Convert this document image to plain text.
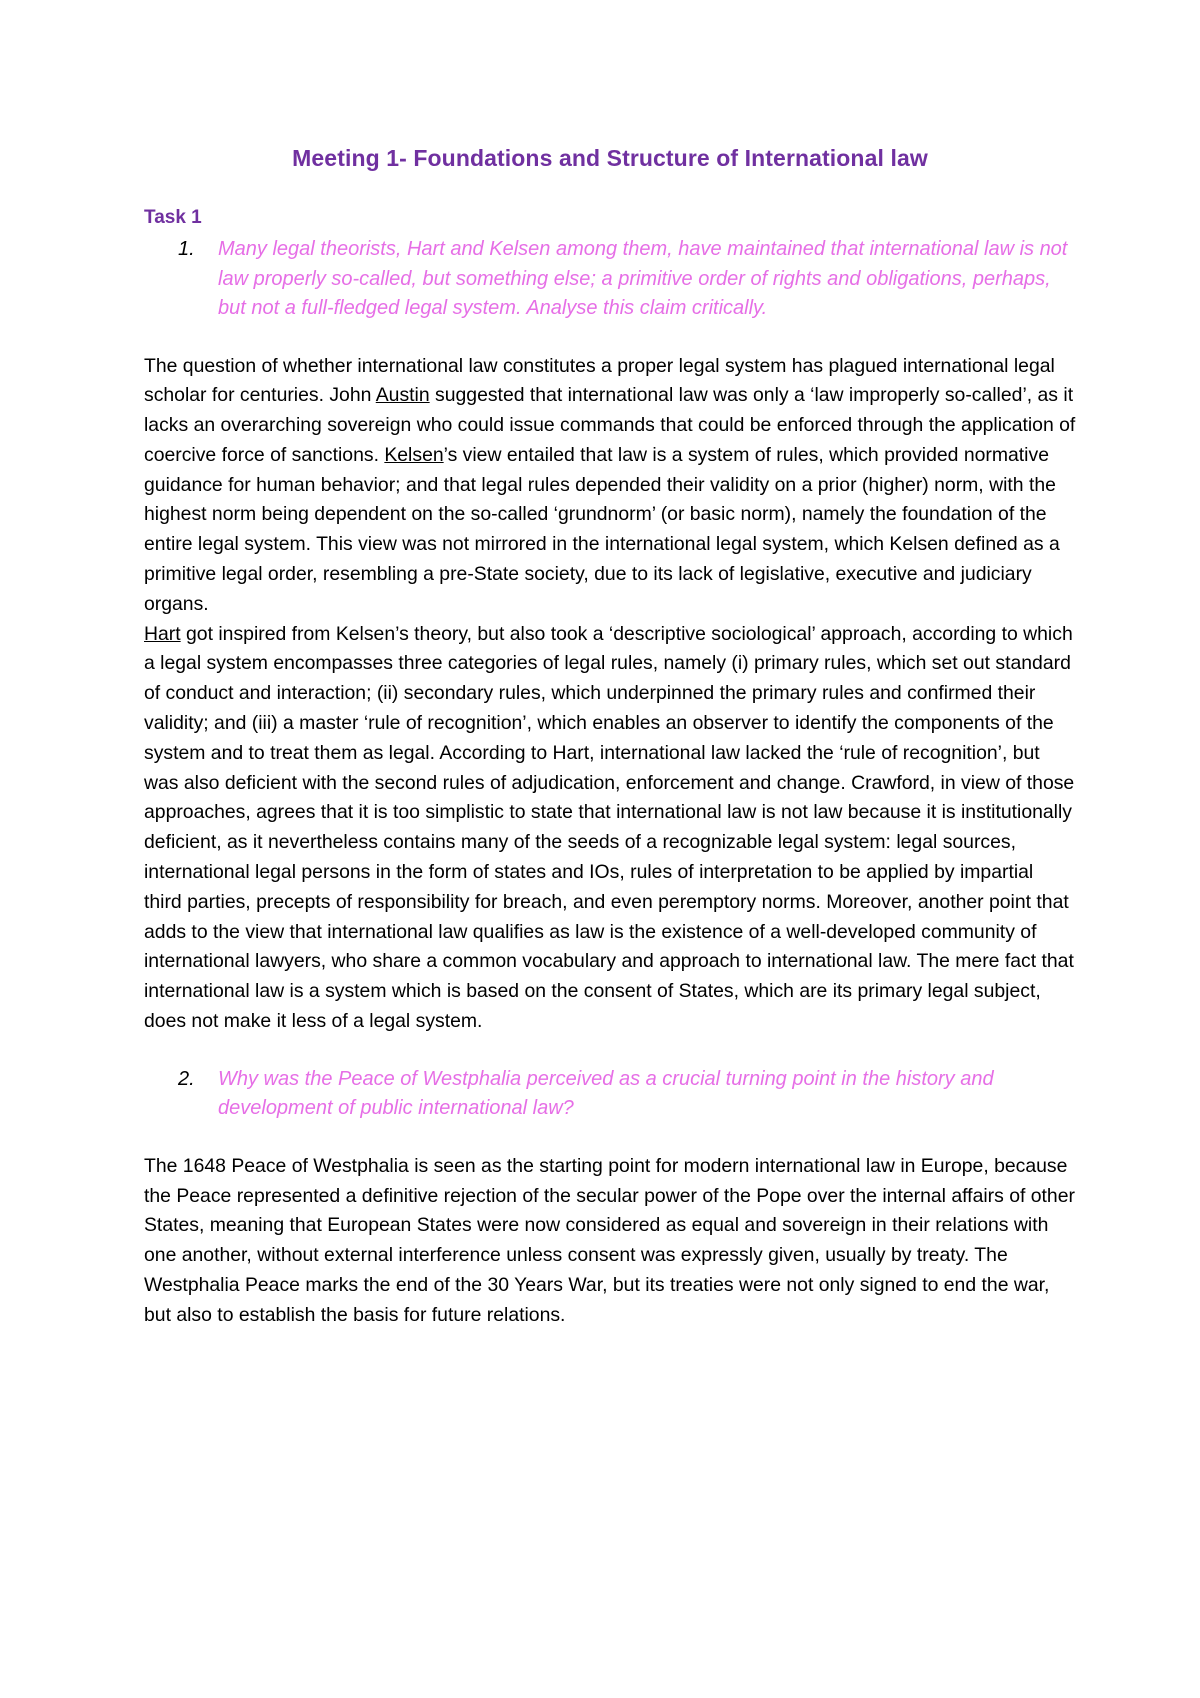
Meeting 1- Foundations and Structure of International law
Task 1
1.	Many legal theorists, Hart and Kelsen among them, have maintained that international law is not law properly so-called, but something else; a primitive order of rights and obligations, perhaps, but not a full-fledged legal system. Analyse this claim critically.

The question of whether international law constitutes a proper legal system has plagued international legal scholar for centuries. John Austin suggested that international law was only a ‘law improperly so-called’, as it lacks an overarching sovereign who could issue commands that could be enforced through the application of coercive force of sanctions. Kelsen’s view entailed that law is a system of rules, which provided normative guidance for human behavior; and that legal rules depended their validity on a prior (higher) norm, with the highest norm being dependent on the so-called ‘grundnorm’ (or basic norm), namely the foundation of the entire legal system. This view was not mirrored in the international legal system, which Kelsen defined as a primitive legal order, resembling a pre-State society, due to its lack of legislative, executive and judiciary organs.

Hart got inspired from Kelsen’s theory, but also took a ‘descriptive sociological’ approach, according to which a legal system encompasses three categories of legal rules, namely (i) primary rules, which set out standard of conduct and interaction; (ii) secondary rules, which underpinned the primary rules and confirmed their validity; and (iii) a master ‘rule of recognition’, which enables an observer to identify the components of the system and to treat them as legal. According to Hart, international law lacked the ‘rule of recognition’, but was also deficient with the second rules of adjudication, enforcement and change. Crawford, in view of those approaches, agrees that it is too simplistic to state that international law is not law because it is institutionally deficient, as it nevertheless contains many of the seeds of a recognizable legal system: legal sources, international legal persons in the form of states and IOs, rules of interpretation to be applied by impartial third parties, precepts of responsibility for breach, and even peremptory norms. Moreover, another point that adds to the view that international law qualifies as law is the existence of a well-developed community of international lawyers, who share a common vocabulary and approach to international law. The mere fact that international law is a system which is based on the consent of States, which are its primary legal subject, does not make it less of a legal system.

2.	Why was the Peace of Westphalia perceived as a crucial turning point in the history and development of public international law?

The 1648 Peace of Westphalia is seen as the starting point for modern international law in Europe, because the Peace represented a definitive rejection of the secular power of the Pope over the internal affairs of other States, meaning that European States were now considered as equal and sovereign in their relations with one another, without external interference unless consent was expressly given, usually by treaty. The Westphalia Peace marks the end of the 30 Years War, but its treaties were not only signed to end the war, but also to establish the basis for future relations.
